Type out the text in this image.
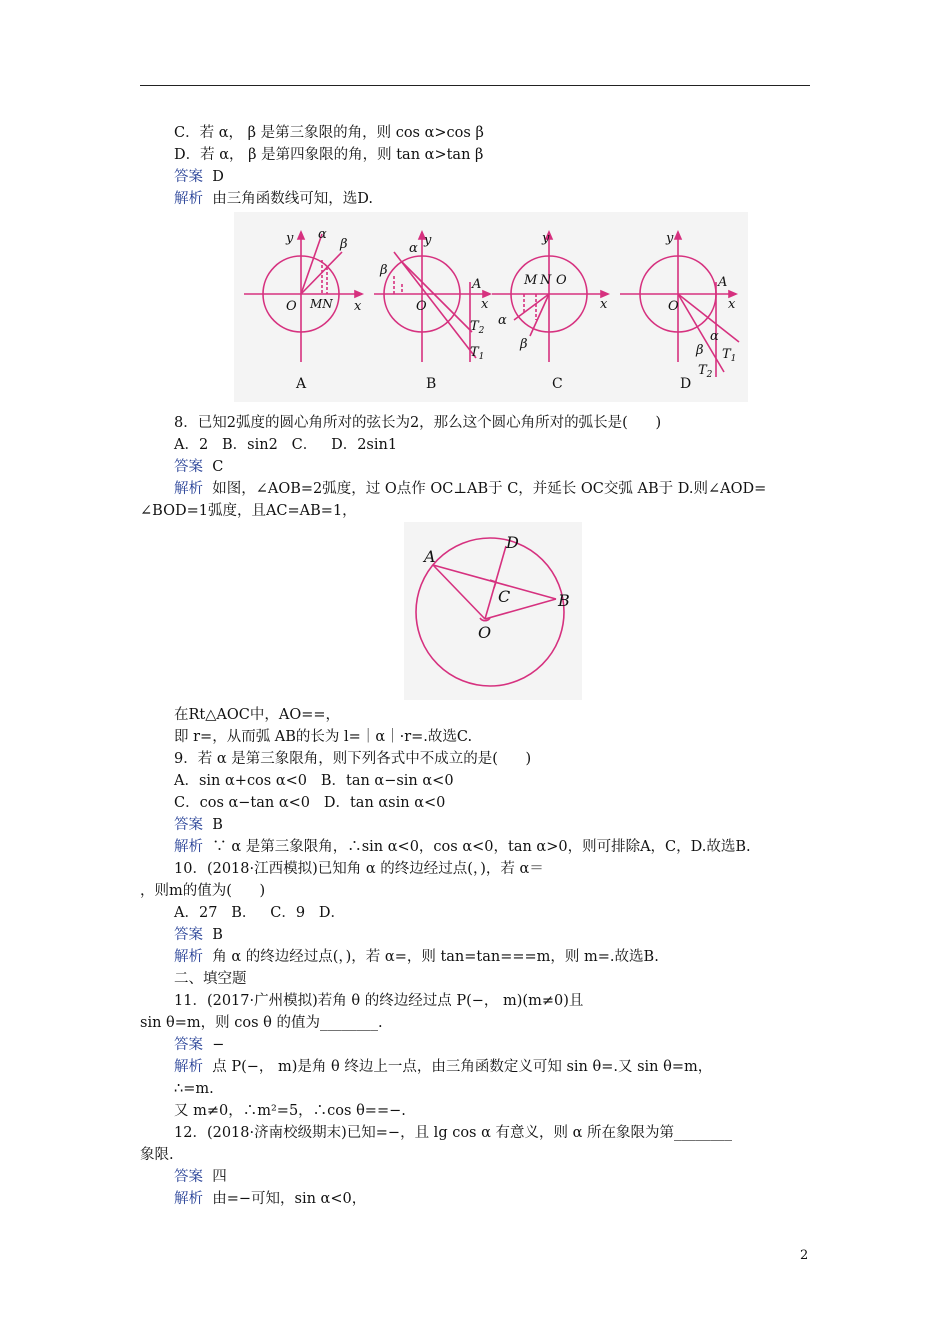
C．若 α， β 是第三象限的角，则 cos α>cos β
D．若 α， β 是第四象限的角，则 tan α>tan β
答案  D
解析  由三角函数线可知，选D.
y
x
O
α
β
MN
y
α
β
O
A
x
$T_2$
$T_1$
y
M N O
x
α
β
y
O
A
x
α
β $T_1$
$T_2$
A	B	C	D
8．已知2弧度的圆心角所对的弦长为2，那么这个圆心角所对的弧长是(      )
A．2   B．sin2   C．   D．2sin1
答案  C
解析  如图，∠AOB=2弧度，过 O点作 OC⊥AB于 C，并延长 OC交弧 AB于 D.则∠AOD=
∠BOD=1弧度，且AC=AB=1，
A
D
C	B
O
在Rt△AOC中，AO==，
即 r=，从而弧 AB的长为 l=｜α｜·r=.故选C.
9．若 α 是第三象限角，则下列各式中不成立的是(      )
A．sin α+cos α<0   B．tan α−sin α<0
C．cos α−tan α<0   D．tan αsin α<0
答案  B
解析  ∵ α 是第三象限角，∴sin α<0，cos α<0，tan α>0，则可排除A，C，D.故选B.
10．(2018·江西模拟)已知角 α 的终边经过点(，)，若 α＝
，则m的值为(      )
A．27   B．   C．9   D．
答案  B
解析  角 α 的终边经过点(，)，若 α=，则 tan=tan===m，则 m=.故选B.
二、填空题
11．(2017·广州模拟)若角 θ 的终边经过点 P(−， m)(m≠0)且
sin θ=m，则 cos θ 的值为________.
答案  −
解析  点 P(−， m)是角 θ 终边上一点，由三角函数定义可知 sin θ=.又 sin θ=m，
∴=m.
又 m≠0，∴m²=5，∴cos θ==−.
12．(2018·济南校级期末)已知=−，且 lg cos α 有意义，则 α 所在象限为第________
象限.
答案  四
解析  由=−可知，sin α<0，
2
